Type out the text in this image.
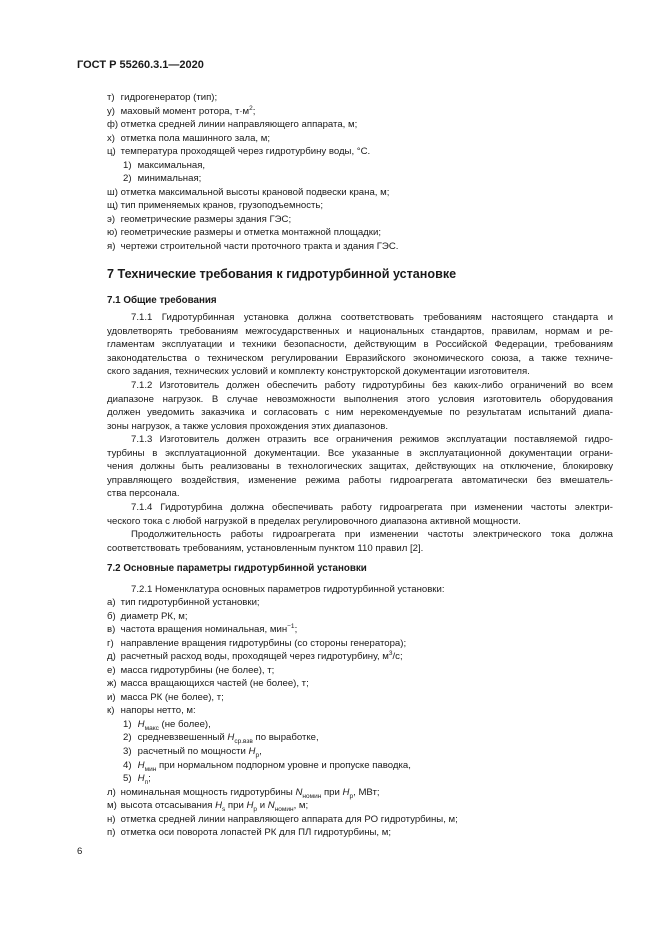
ГОСТ Р 55260.3.1—2020
т) гидрогенератор (тип);
у) маховый момент ротора, $т\cdot м^2$;
ф) отметка средней линии направляющего аппарата, м;
х) отметка пола машинного зала, м;
ц) температура проходящей через гидротурбину воды, °С.
1) максимальная,
2) минимальная;
ш) отметка максимальной высоты крановой подвески крана, м;
щ) тип применяемых кранов, грузоподъемность;
э) геометрические размеры здания ГЭС;
ю) геометрические размеры и отметка монтажной площадки;
я) чертежи строительной части проточного тракта и здания ГЭС.
7 Технические требования к гидротурбинной установке
7.1 Общие требования

7.1.1 Гидротурбинная установка должна соответствовать требованиям настоящего стандарта и
удовлетворять требованиям межгосударственных и национальных стандартов, правилам, нормам и ре-
гламентам эксплуатации и техники безопасности, действующим в Российской Федерации, требованиям
законодательства о техническом регулировании Евразийского экономического союза, а также техниче-
ского задания, технических условий и комплекту конструкторской документации изготовителя.

7.1.2 Изготовитель должен обеспечить работу гидротурбины без каких-либо ограничений во всем
диапазоне нагрузок. В случае невозможности выполнения этого условия изготовитель оборудования
должен уведомить заказчика и согласовать с ним нерекомендуемые по результатам испытаний диапа-
зоны нагрузок, а также условия прохождения этих диапазонов.

7.1.3 Изготовитель должен отразить все ограничения режимов эксплуатации поставляемой гидро-
турбины в эксплуатационной документации. Все указанные в эксплуатационной документации ограни-
чения должны быть реализованы в технологических защитах, действующих на отключение, блокировку
управляющего воздействия, изменение режима работы гидроагрегата автоматически без вмешатель-
ства персонала.

7.1.4 Гидротурбина должна обеспечивать работу гидроагрегата при изменении частоты электри-
ческого тока с любой нагрузкой в пределах регулировочного диапазона активной мощности.

Продолжительность работы гидроагрегата при изменении частоты электрического тока должна
соответствовать требованиям, установленным пунктом 110 правил [2].

7.2 Основные параметры гидротурбинной установки

7.2.1 Номенклатура основных параметров гидротурбинной установки:

а) тип гидротурбинной установки;
б) диаметр РК, м;
в) частота вращения номинальная, мин$^{-1}$;
г) направление вращения гидротурбины (со стороны генератора);
д) расчетный расход воды, проходящей через гидротурбину, $м^3/с$;
е) масса гидротурбины (не более), т;
ж) масса вращающихся частей (не более), т;
и) масса РК (не более), т;
к) напоры нетто, м:
1) $H_{макс}$ (не более),
2) средневзвешенный $H_{ср.взв}$ по выработке,
3) расчетный по мощности $H_р$,
4) $H_{мин}$ при нормальном подпорном уровне и пропуске паводка,
5) $H_п$;
л) номинальная мощность гидротурбины $N_{номин}$ при $H_р$, МВт;
м) высота отсасывания $H_s$ при $H_р$ и $N_{номин}$, м;
н) отметка средней линии направляющего аппарата для РО гидротурбины, м;
п) отметка оси поворота лопастей РК для ПЛ гидротурбины, м;
6
